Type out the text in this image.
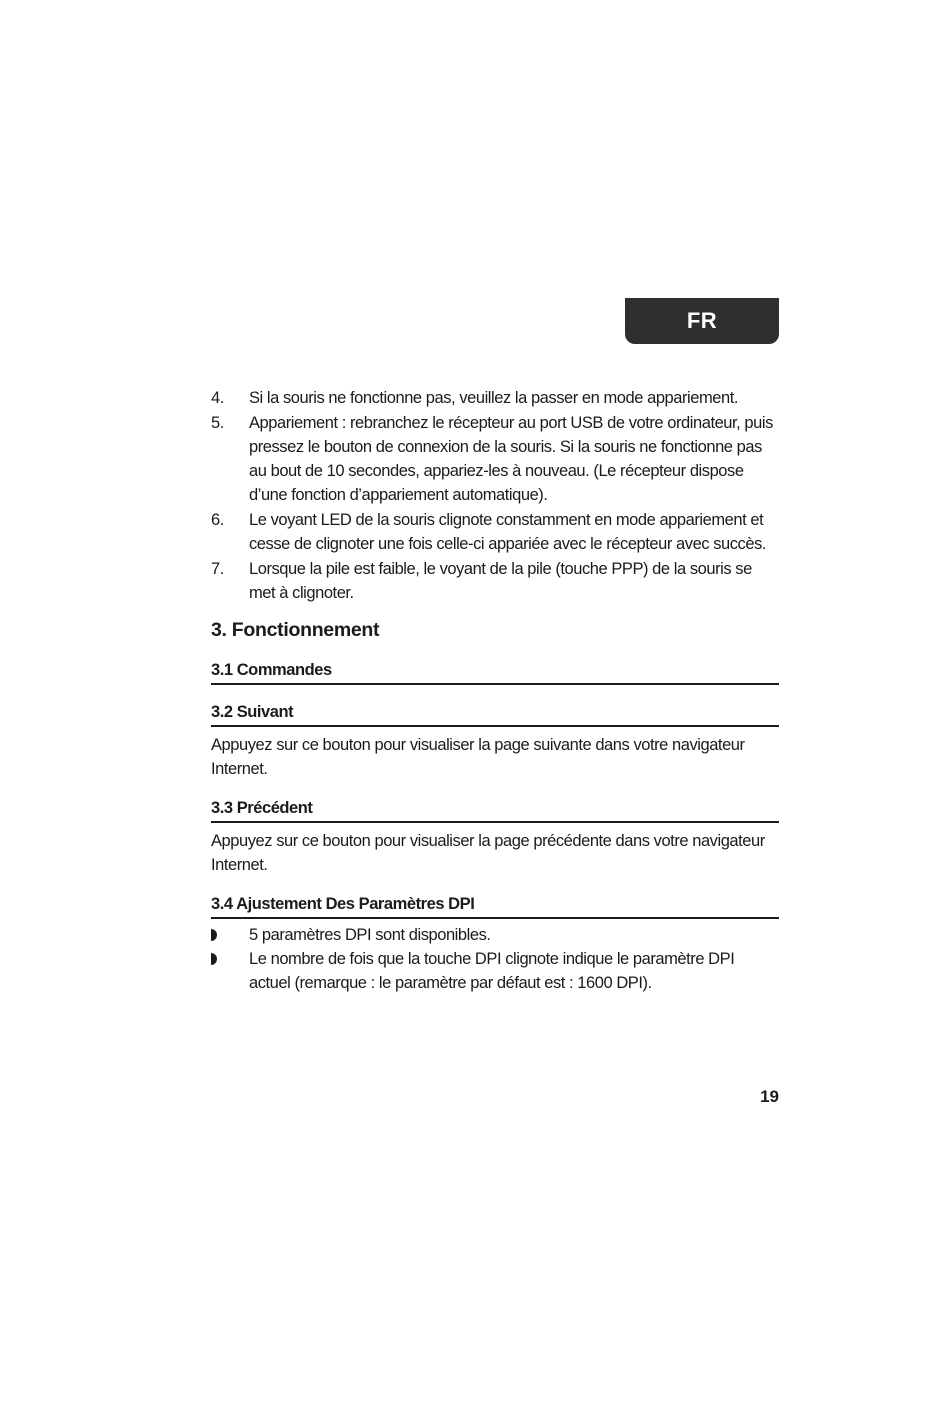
FR
4.	Si la souris ne fonctionne pas, veuillez la passer en mode appariement.
5.	Appariement : rebranchez le récepteur au port USB de votre ordinateur, puis pressez le bouton de connexion de la souris. Si la souris ne fonctionne pas au bout de 10 secondes, appariez-les à nouveau. (Le récepteur dispose d’une fonction d’appariement automatique).
6.	Le voyant LED de la souris clignote constamment en mode appariement et cesse de clignoter une fois celle-ci appariée avec le récepteur avec succès.
7.	Lorsque la pile est faible, le voyant de la pile (touche PPP) de la souris se met à clignoter.
3. Fonctionnement
3.1 Commandes
3.2 Suivant

Appuyez sur ce bouton pour visualiser la page suivante dans votre navigateur Internet.

3.3 Précédent

Appuyez sur ce bouton pour visualiser la page précédente dans votre navigateur Internet.

3.4 Ajustement Des Paramètres DPI
5 paramètres DPI sont disponibles.
Le nombre de fois que la touche DPI clignote indique le paramètre DPI actuel (remarque : le paramètre par défaut est : 1600 DPI).
19
